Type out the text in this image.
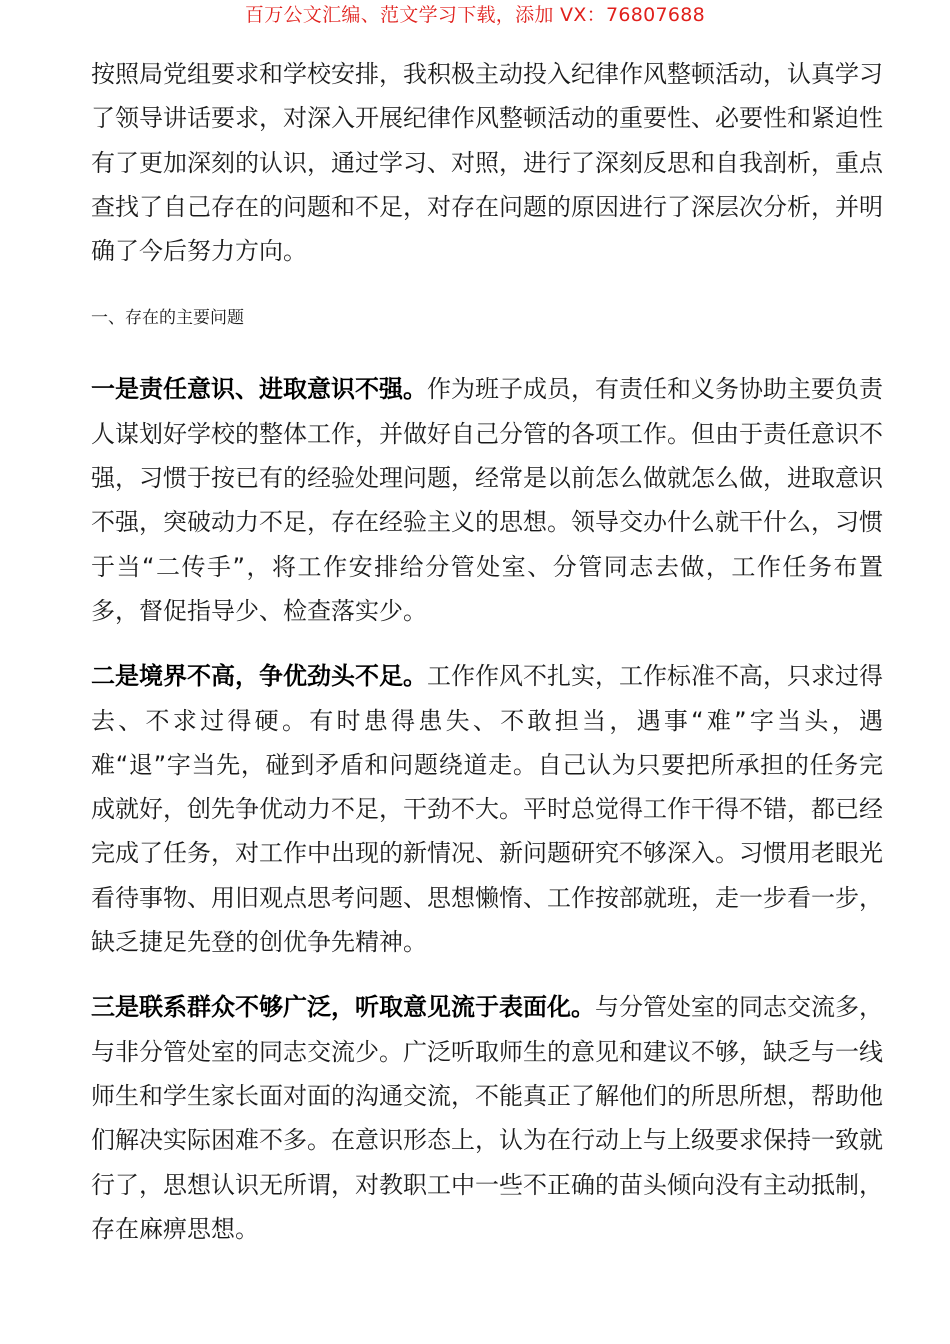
百万公文汇编、范文学习下载，添加 VX：76807688

按照局党组要求和学校安排，我积极主动投入纪律作风整顿活动，认真学习了领导讲话要求，对深入开展纪律作风整顿活动的重要性、必要性和紧迫性有了更加深刻的认识，通过学习、对照，进行了深刻反思和自我剖析，重点查找了自己存在的问题和不足，对存在问题的原因进行了深层次分析，并明确了今后努力方向。

一、存在的主要问题

一是责任意识、进取意识不强。作为班子成员，有责任和义务协助主要负责人谋划好学校的整体工作，并做好自己分管的各项工作。但由于责任意识不强，习惯于按已有的经验处理问题，经常是以前怎么做就怎么做，进取意识不强，突破动力不足，存在经验主义的思想。领导交办什么就干什么，习惯于当“二传手”，将工作安排给分管处室、分管同志去做，工作任务布置多，督促指导少、检查落实少。

二是境界不高，争优劲头不足。工作作风不扎实，工作标准不高，只求过得去、不求过得硬。有时患得患失、不敢担当，遇事“难”字当头，遇难“退”字当先，碰到矛盾和问题绕道走。自己认为只要把所承担的任务完成就好，创先争优动力不足，干劲不大。平时总觉得工作干得不错，都已经完成了任务，对工作中出现的新情况、新问题研究不够深入。习惯用老眼光看待事物、用旧观点思考问题、思想懒惰、工作按部就班，走一步看一步，缺乏捷足先登的创优争先精神。

三是联系群众不够广泛，听取意见流于表面化。与分管处室的同志交流多，与非分管处室的同志交流少。广泛听取师生的意见和建议不够，缺乏与一线师生和学生家长面对面的沟通交流，不能真正了解他们的所思所想，帮助他们解决实际困难不多。在意识形态上，认为在行动上与上级要求保持一致就行了，思想认识无所谓，对教职工中一些不正确的苗头倾向没有主动抵制，存在麻痹思想。
